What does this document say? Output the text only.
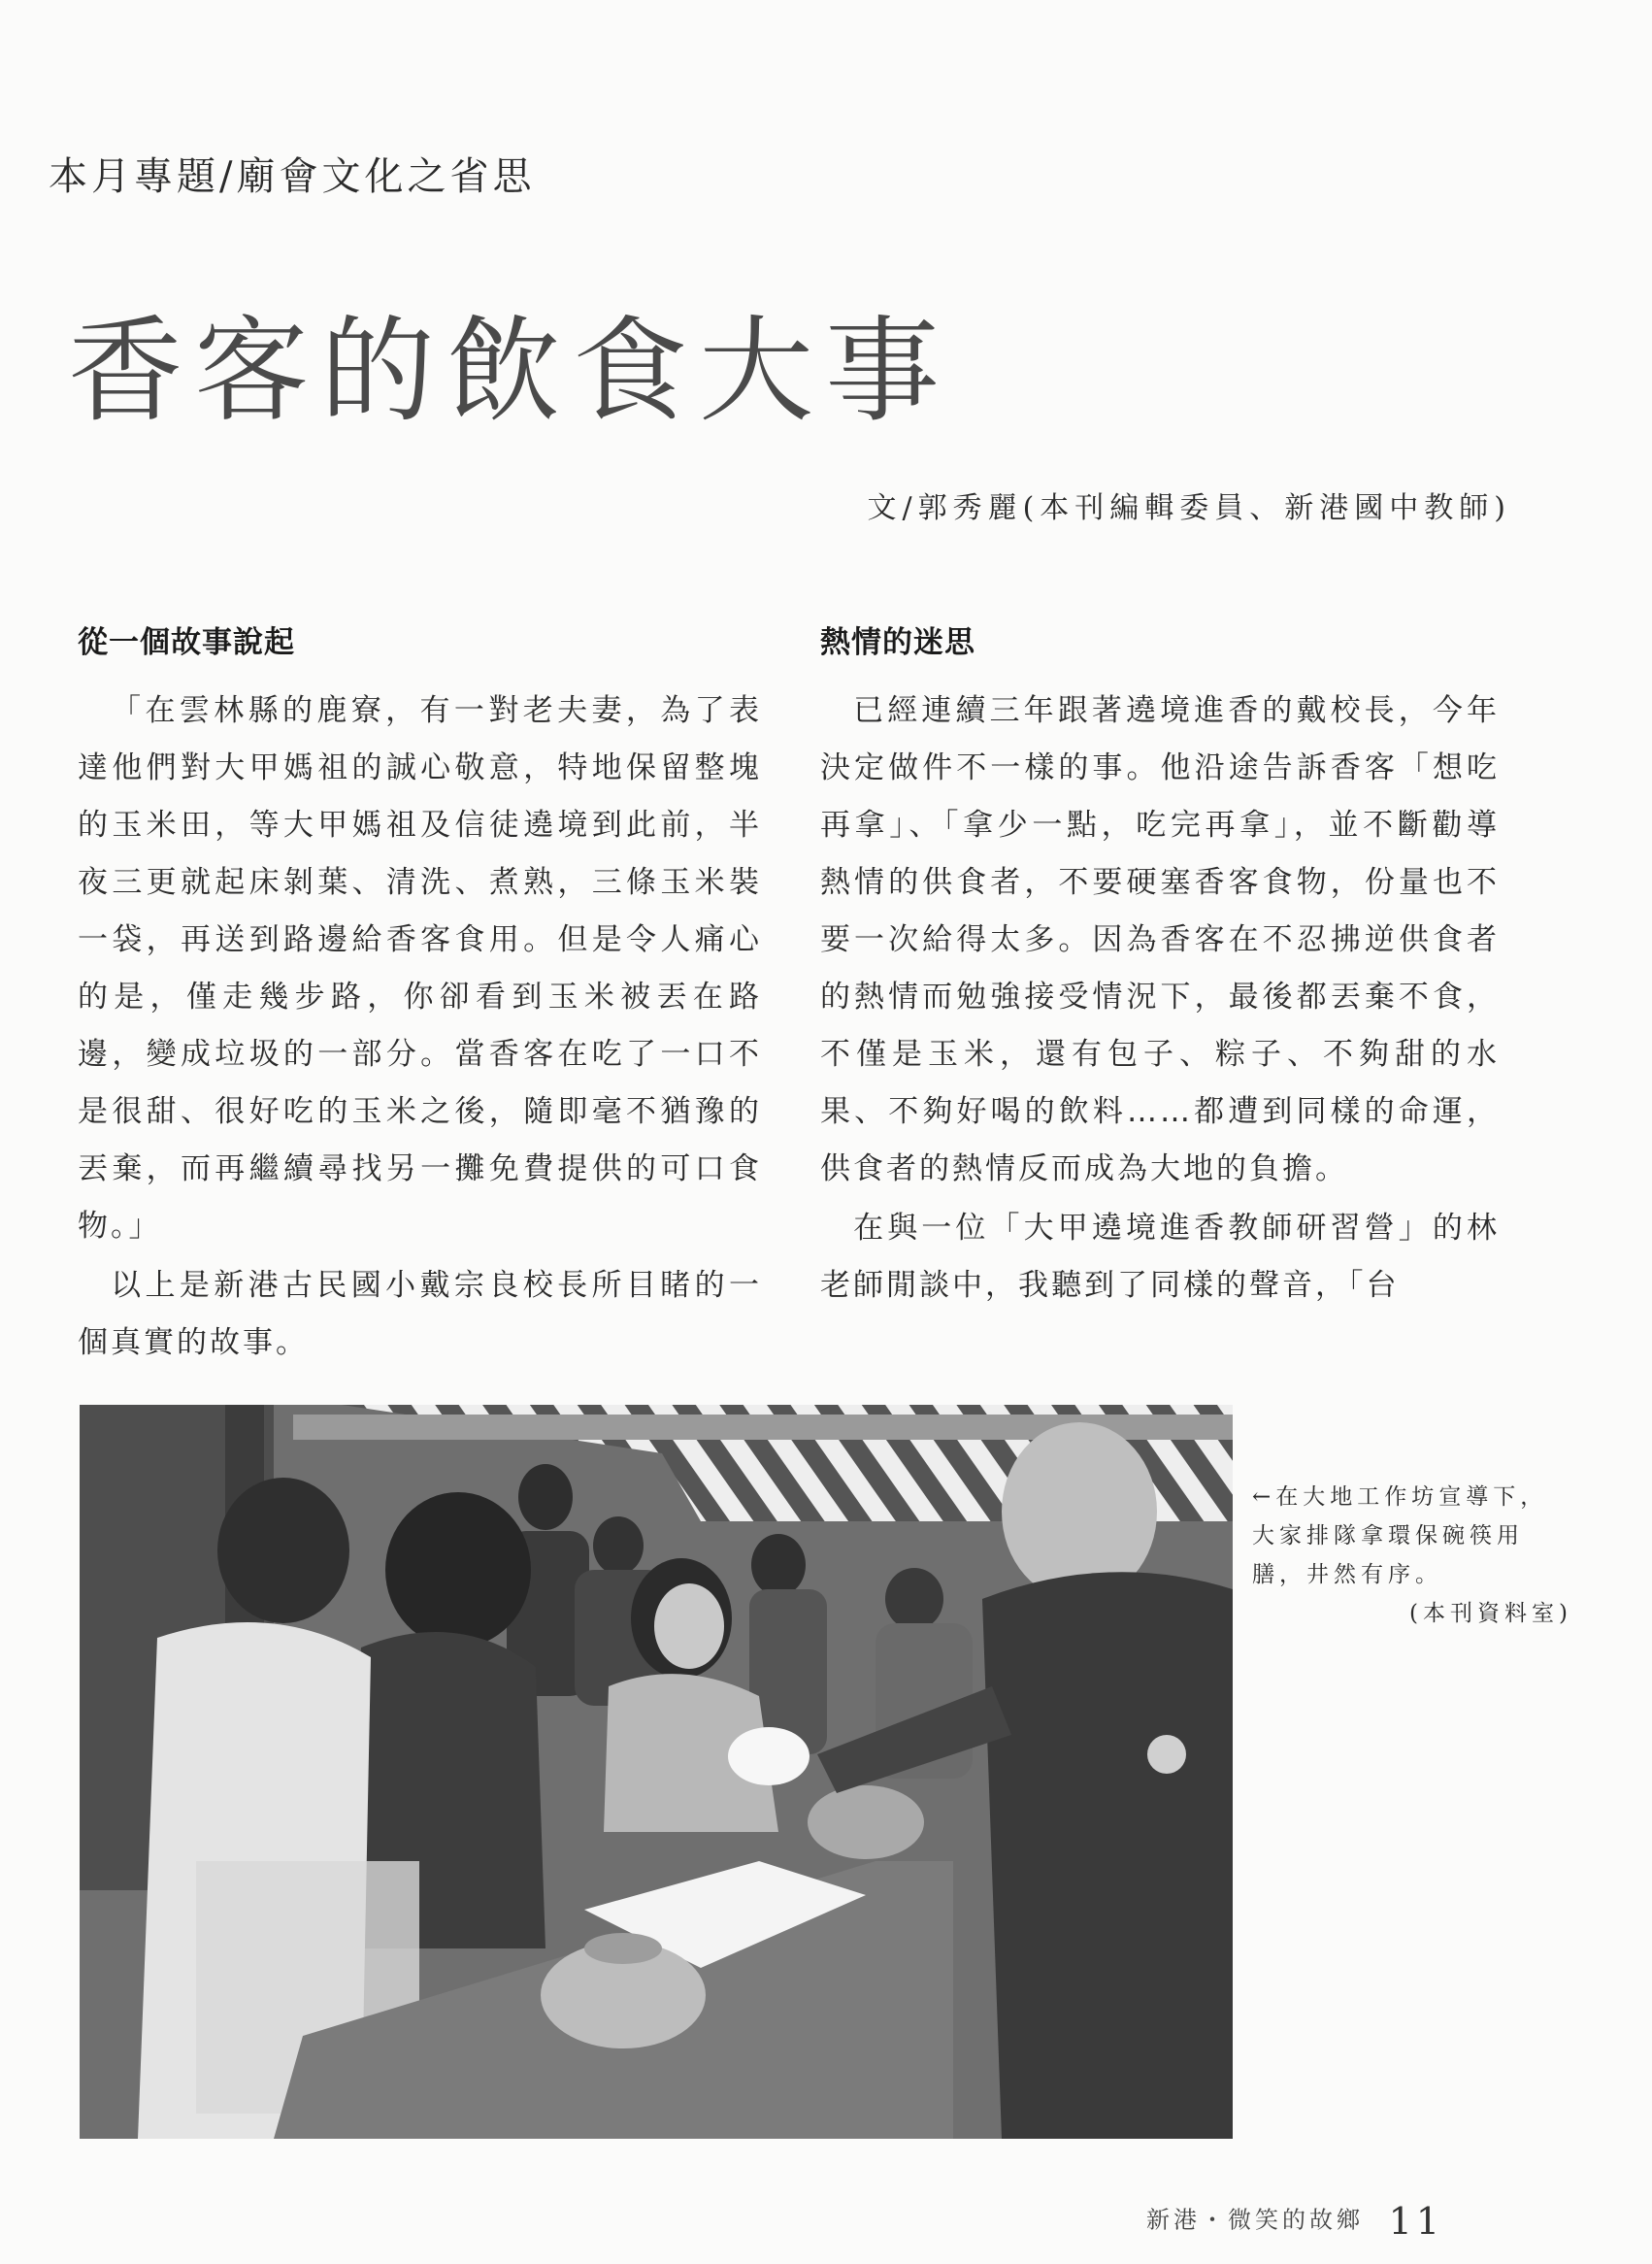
本月專題/廟會文化之省思
香客的飲食大事
文/郭秀麗(本刊編輯委員、新港國中教師)
從一個故事說起

「在雲林縣的鹿寮，有一對老夫妻，為了表達他們對大甲媽祖的誠心敬意，特地保留整塊的玉米田，等大甲媽祖及信徒遶境到此前，半夜三更就起床剝葉、清洗、煮熟，三條玉米裝一袋，再送到路邊給香客食用。但是令人痛心的是，僅走幾步路，你卻看到玉米被丟在路邊，變成垃圾的一部分。當香客在吃了一口不是很甜、很好吃的玉米之後，隨即毫不猶豫的丟棄，而再繼續尋找另一攤免費提供的可口食物。」

以上是新港古民國小戴宗良校長所目睹的一個真實的故事。

熱情的迷思

已經連續三年跟著遶境進香的戴校長，今年決定做件不一樣的事。他沿途告訴香客「想吃再拿」、「拿少一點，吃完再拿」，並不斷勸導熱情的供食者，不要硬塞香客食物，份量也不要一次給得太多。因為香客在不忍拂逆供食者的熱情而勉強接受情況下，最後都丟棄不食，不僅是玉米，還有包子、粽子、不夠甜的水果、不夠好喝的飲料……都遭到同樣的命運，供食者的熱情反而成為大地的負擔。

在與一位「大甲遶境進香教師研習營」的林老師閒談中，我聽到了同樣的聲音，「台

←在大地工作坊宣導下，大家排隊拿環保碗筷用膳，井然有序。
(本刊資料室)
新港・微笑的故鄉 11
